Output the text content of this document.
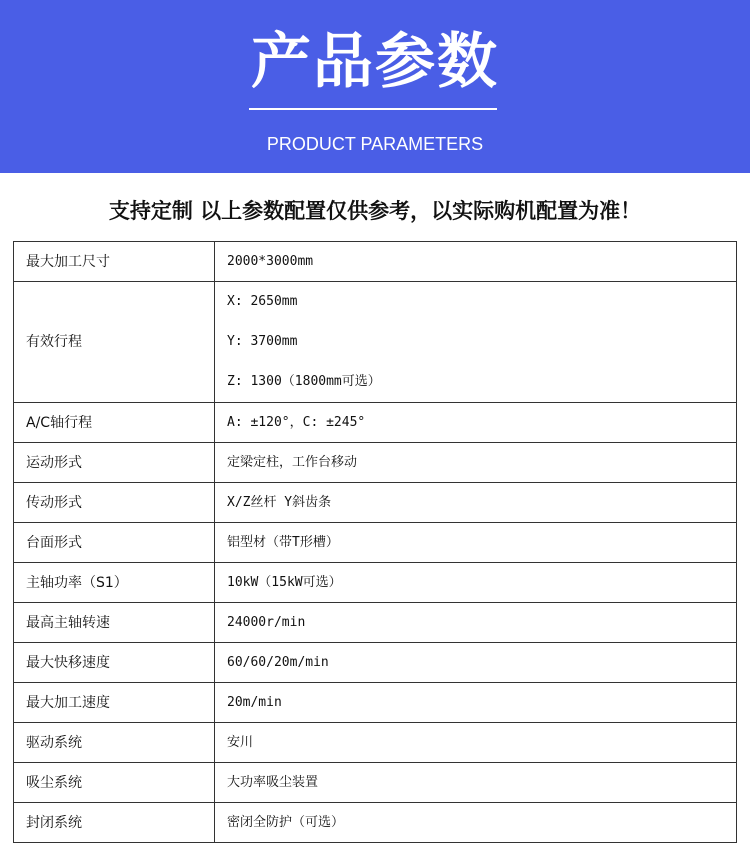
产品参数
PRODUCT PARAMETERS
支持定制 以上参数配置仅供参考，以实际购机配置为准！
最大加工尺寸	2000*3000mm
有效行程	X: 2650mm
Y: 3700mm
Z: 1300（1800mm可选）

A/C轴行程	A: ±120°，C: ±245°
运动形式	定梁定柱，工作台移动
传动形式	X/Z丝杆 Y斜齿条
台面形式	铝型材（带T形槽）
主轴功率（S1）	10kW（15kW可选）
最高主轴转速	24000r/min
最大快移速度	60/60/20m/min
最大加工速度	20m/min
驱动系统	安川
吸尘系统	大功率吸尘装置
封闭系统	密闭全防护（可选）
